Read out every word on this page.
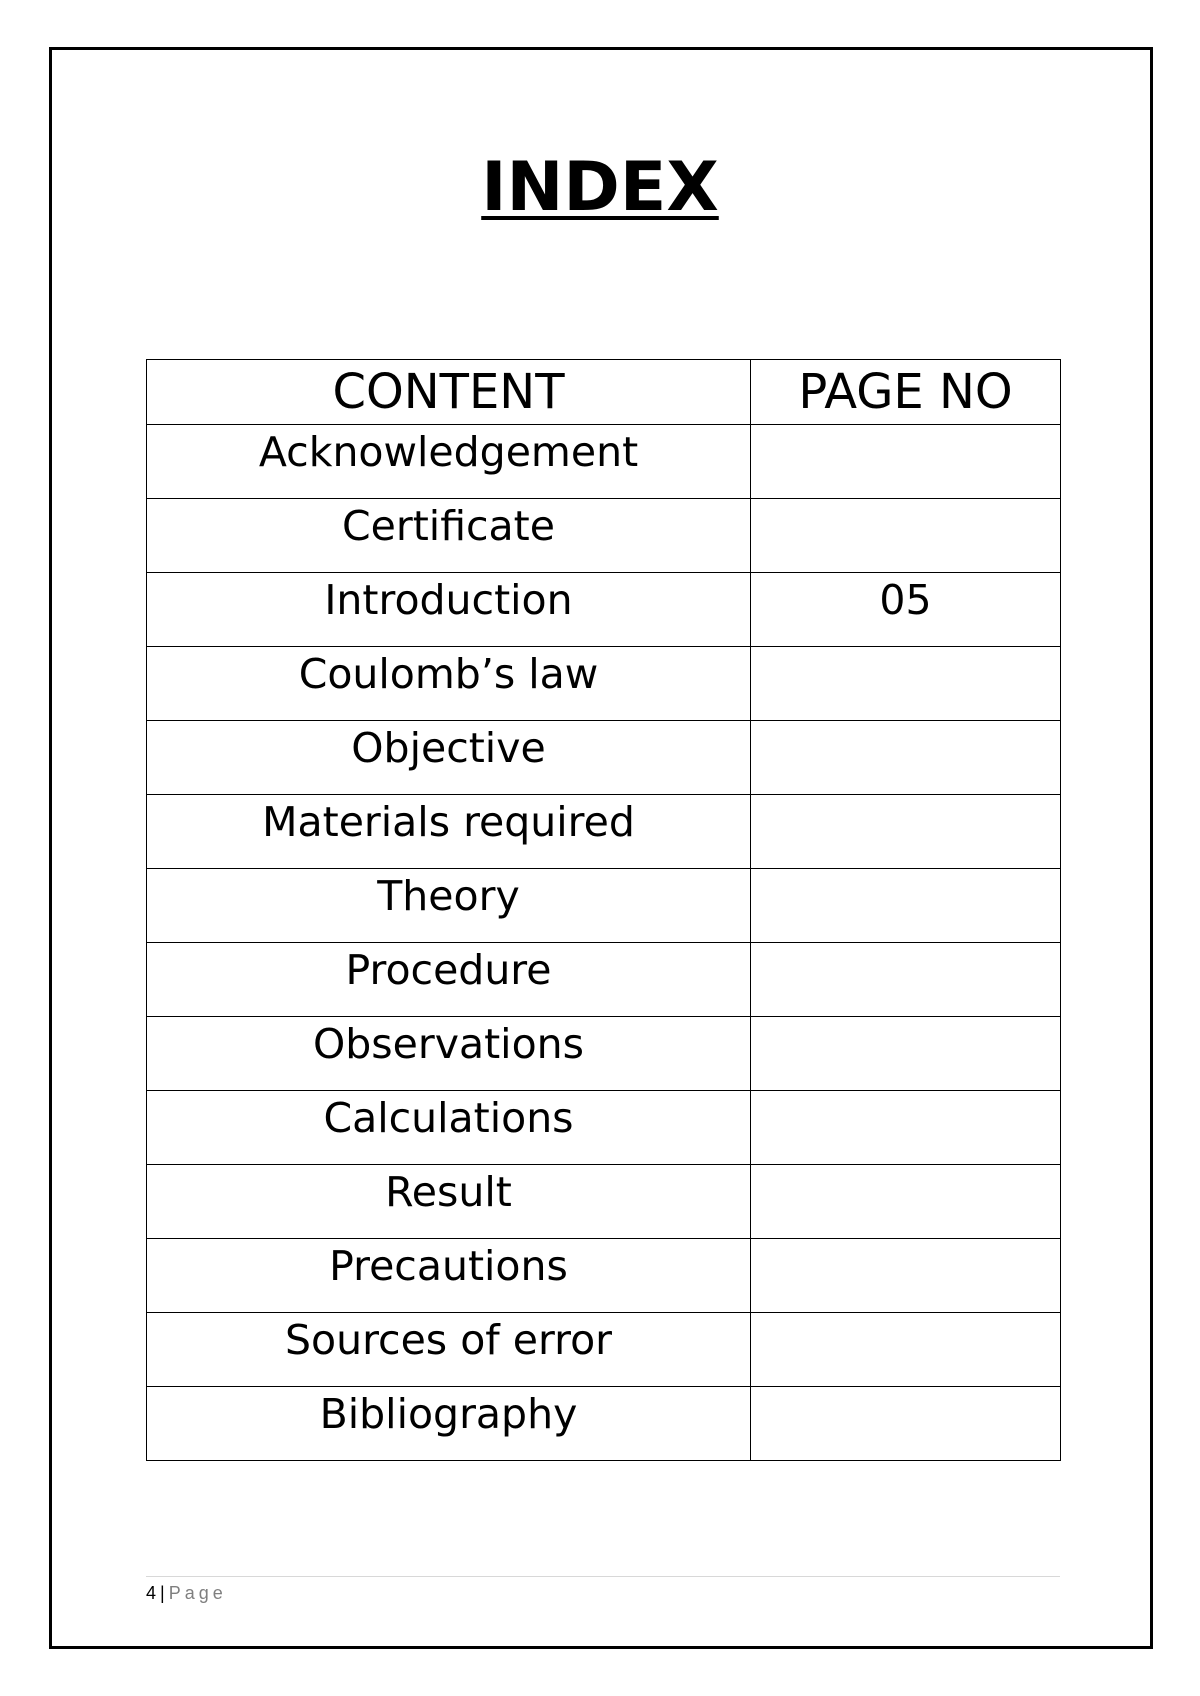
INDEX
CONTENT	PAGE NO
Acknowledgement	
Certificate	
Introduction	05
Coulomb’s law	
Objective	
Materials required	
Theory	
Procedure	
Observations	
Calculations	
Result	
Precautions	
Sources of error	
Bibliography	
4 | Page
